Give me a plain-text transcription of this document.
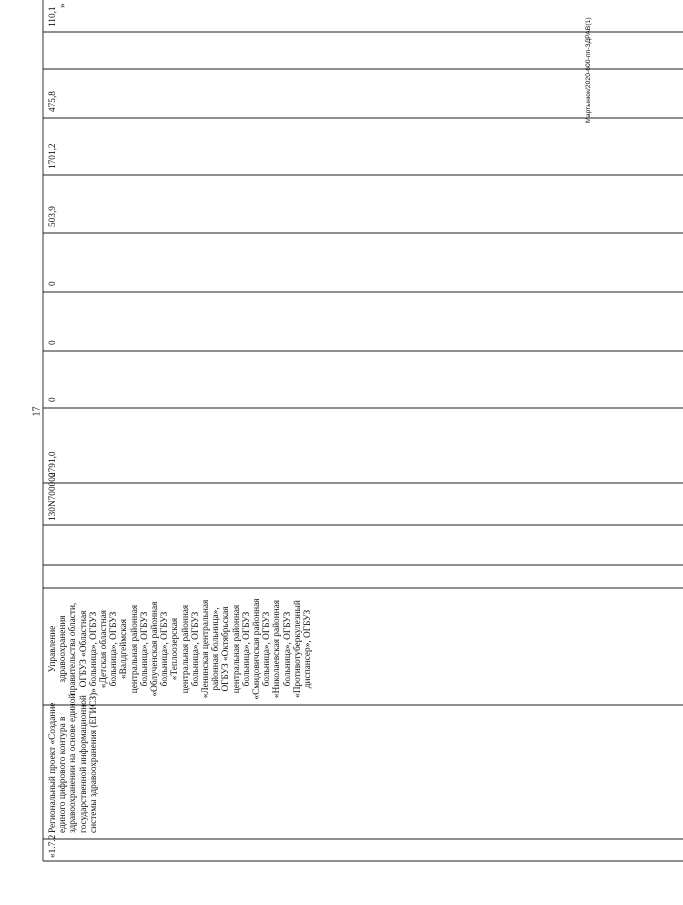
17
«1.7.2
Региональный проект «Создание единого цифрового контура в здравоохранении на основе единой государственной информационной системы здравоохранения (ЕГИСЗ)»
Управление здравоохранения правительства области, ОГБУЗ «Областная больница», ОГБУЗ «Детская областная больница», ОГБУЗ «Валдгеймская центральная районная больница», ОГБУЗ «Облученская районная больница», ОГБУЗ «Теплоозерская центральная районная больница», ОГБУЗ «Ленинская центральная районная больница», ОГБУЗ «Октябрьская центральная районная больница», ОГБУЗ «Смидовичская районная больница», ОГБУЗ «Николаевская районная больница», ОГБУЗ «Противотуберкулезный диспансер», ОГБУЗ
130N700000
2791,0
0
0
0
503,9
1701,2
475,8
110,1
»
Мартынюк/2020-600-пп-ЗДРАВ(1)
